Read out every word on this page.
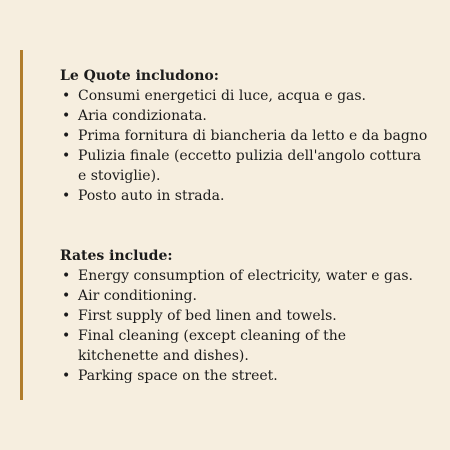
Le Quote includono:

• Consumi energetici di luce, acqua e gas.
• Aria condizionata.
• Prima fornitura di biancheria da letto e da bagno
• Pulizia finale (eccetto pulizia dell'angolo cottura e stoviglie).
• Posto auto in strada.

Rates include:

• Energy consumption of electricity, water e gas.
• Air conditioning.
• First supply of bed linen and towels.
• Final cleaning (except cleaning of the kitchenette and dishes).
• Parking space on the street.
